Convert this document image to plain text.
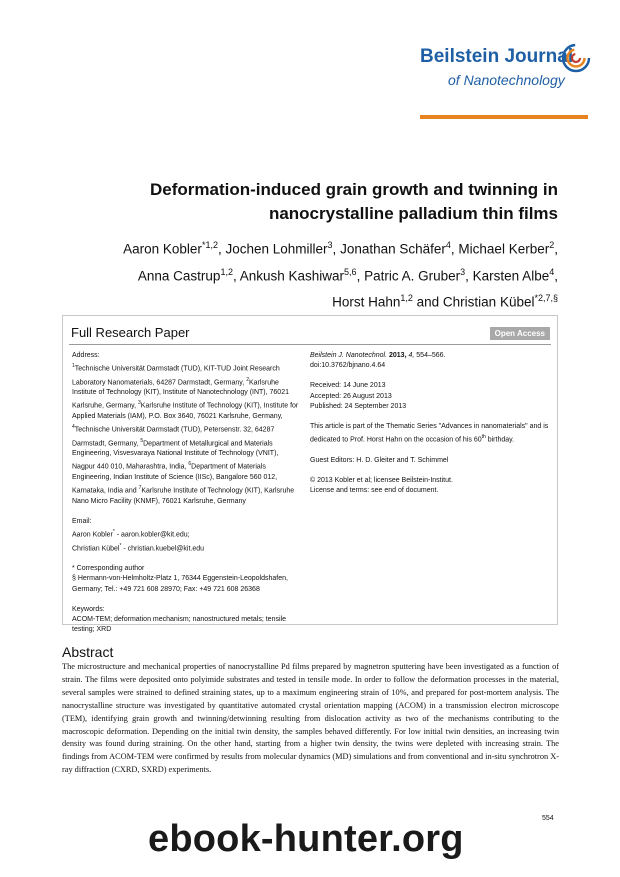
Beilstein Journal
of Nanotechnology
Deformation-induced grain growth and twinning in
nanocrystalline palladium thin films
Aaron Kobler$^{*1,2}$, Jochen Lohmiller$^3$, Jonathan Schäfer$^4$, Michael Kerber$^2$,
Anna Castrup$^{1,2}$, Ankush Kashiwar$^{5,6}$, Patric A. Gruber$^3$, Karsten Albe$^4$,
Horst Hahn$^{1,2}$ and Christian Kübel$^{*2,7,\S}$
Full Research Paper	Open Access

Address:

$^1$Technische Universität Darmstadt (TUD), KIT-TUD Joint Research Laboratory Nanomaterials, 64287 Darmstadt, Germany, $^2$Karlsruhe Institute of Technology (KIT), Institute of Nanotechnology (INT), 76021 Karlsruhe, Germany, $^3$Karlsruhe Institute of Technology (KIT), Institute for Applied Materials (IAM), P.O. Box 3640, 76021 Karlsruhe, Germany, $^4$Technische Universität Darmstadt (TUD), Petersenstr. 32, 64287 Darmstadt, Germany, $^5$Department of Metallurgical and Materials Engineering, Visvesvaraya National Institute of Technology (VNIT), Nagpur 440 010, Maharashtra, India, $^6$Department of Materials Engineering, Indian Institute of Science (IISc), Bangalore 560 012, Karnataka, India and $^7$Karlsruhe Institute of Technology (KIT), Karlsruhe Nano Micro Facility (KNMF), 76021 Karlsruhe, Germany

Email:

Aaron Kobler* - aaron.kobler@kit.edu;

Christian Kübel* - christian.kuebel@kit.edu

* Corresponding author

§ Hermann-von-Helmholtz-Platz 1, 76344 Eggenstein-Leopoldshafen, Germany; Tel.: +49 721 608 28970; Fax: +49 721 608 26368

Keywords:

ACOM-TEM; deformation mechanism; nanostructured metals; tensile testing; XRD

Beilstein J. Nanotechnol. 2013, 4, 554–566.

doi:10.3762/bjnano.4.64

Received: 14 June 2013

Accepted: 26 August 2013

Published: 24 September 2013

This article is part of the Thematic Series "Advances in nanomaterials" and is dedicated to Prof. Horst Hahn on the occasion of his 60th birthday.

Guest Editors: H. D. Gleiter and T. Schimmel

© 2013 Kobler et al; licensee Beilstein-Institut.

License and terms: see end of document.

Abstract
The microstructure and mechanical properties of nanocrystalline Pd films prepared by magnetron sputtering have been investigated as a function of strain. The films were deposited onto polyimide substrates and tested in tensile mode. In order to follow the deformation processes in the material, several samples were strained to defined straining states, up to a maximum engineering strain of 10%, and prepared for post-mortem analysis. The nanocrystalline structure was investigated by quantitative automated crystal orientation mapping (ACOM) in a transmission electron microscope (TEM), identifying grain growth and twinning/detwinning resulting from dislocation activity as two of the mechanisms contributing to the macroscopic deformation. Depending on the initial twin density, the samples behaved differently. For low initial twin densities, an increasing twin density was found during straining. On the other hand, starting from a higher twin density, the twins were depleted with increasing strain. The findings from ACOM-TEM were confirmed by results from molecular dynamics (MD) simulations and from conventional and in-situ synchrotron X-ray diffraction (CXRD, SXRD) experiments.
554
ebook-hunter.org
